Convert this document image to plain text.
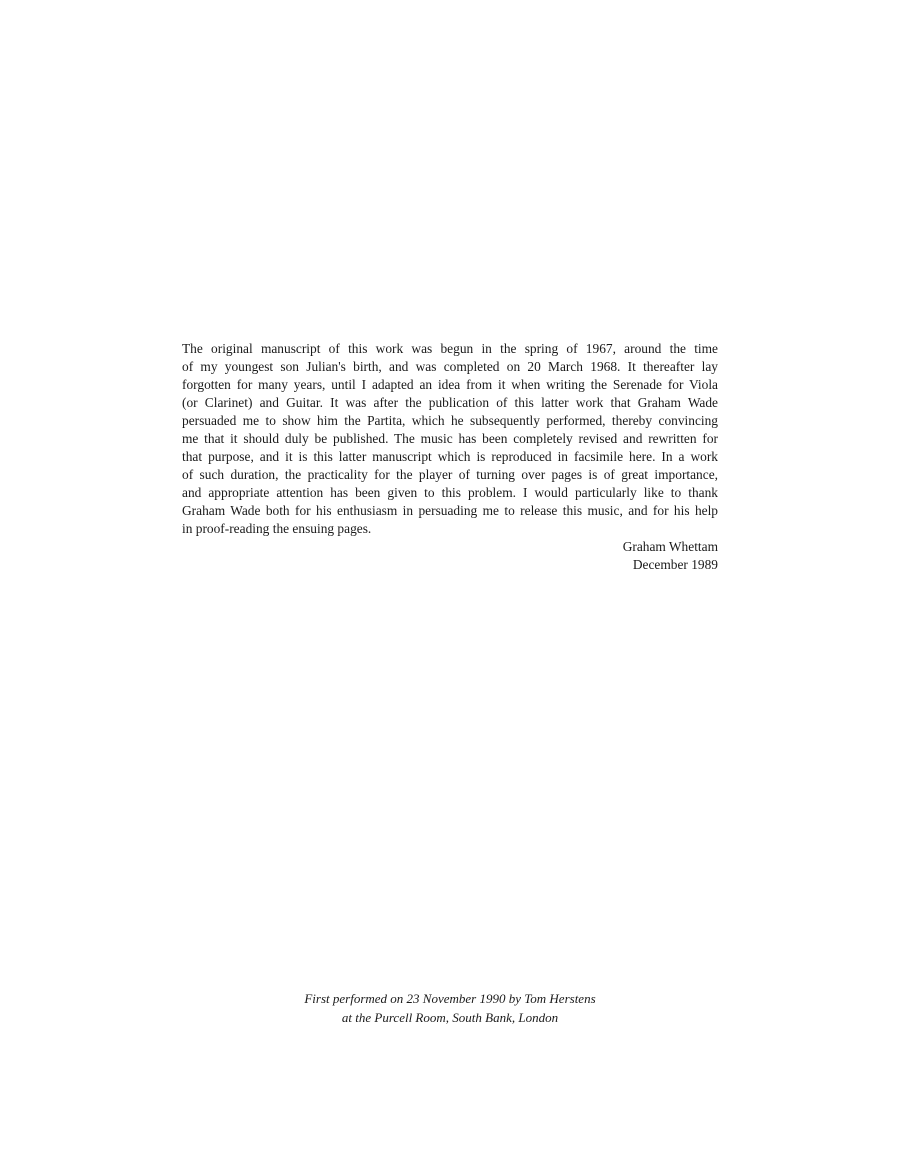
The original manuscript of this work was begun in the spring of 1967, around the time
of my youngest son Julian's birth, and was completed on 20 March 1968. It thereafter lay
forgotten for many years, until I adapted an idea from it when writing the Serenade for Viola
(or Clarinet) and Guitar. It was after the publication of this latter work that Graham Wade
persuaded me to show him the Partita, which he subsequently performed, thereby convincing
me that it should duly be published. The music has been completely revised and rewritten for
that purpose, and it is this latter manuscript which is reproduced in facsimile here. In a work
of such duration, the practicality for the player of turning over pages is of great importance,
and appropriate attention has been given to this problem. I would particularly like to thank
Graham Wade both for his enthusiasm in persuading me to release this music, and for his help
in proof-reading the ensuing pages.
Graham Whettam
December 1989
First performed on 23 November 1990 by Tom Herstens
at the Purcell Room, South Bank, London
